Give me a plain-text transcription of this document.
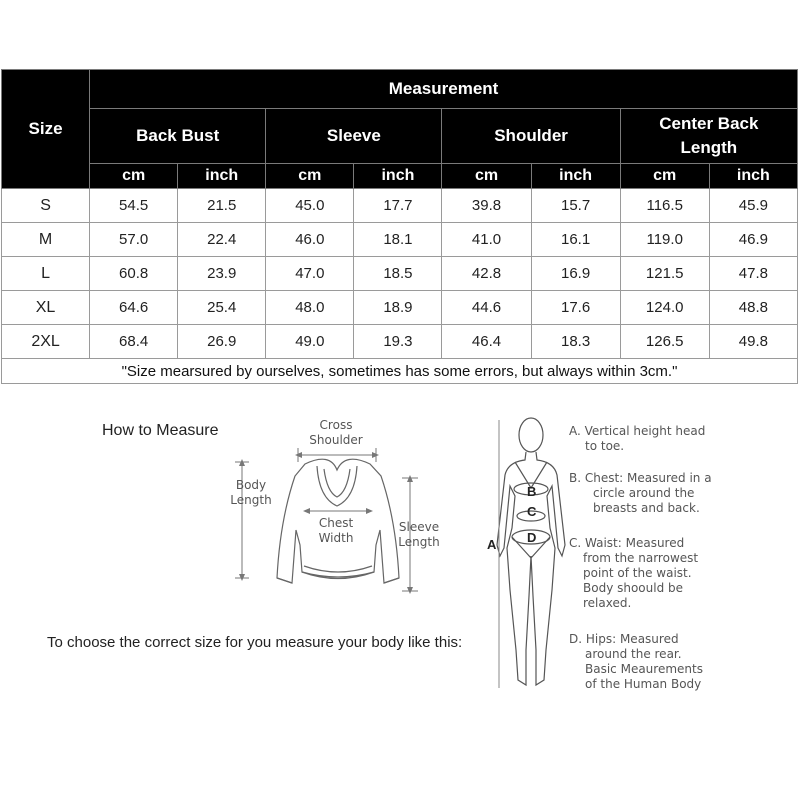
Size	Measurement							
	Back Bust		Sleeve		Shoulder		Center Back Length	
	cm	inch	cm	inch	cm	inch	cm	inch
S	54.5	21.5	45.0	17.7	39.8	15.7	116.5	45.9
M	57.0	22.4	46.0	18.1	41.0	16.1	119.0	46.9
L	60.8	23.9	47.0	18.5	42.8	16.9	121.5	47.8
XL	64.6	25.4	48.0	18.9	44.6	17.6	124.0	48.8
2XL	68.4	26.9	49.0	19.3	46.4	18.3	126.5	49.8
"Size mearsured by ourselves, sometimes has some errors, but always within 3cm."								
A
B
C
D
How to Measure	Cross
Shoulder
Body
Length
Chest
Width
Sleeve
Length
To choose the correct size for you measure your body like this:
A. Vertical height head
to toe.
B. Chest: Measured in a
circle around the
breasts and back.
C. Waist: Measured
from the narrowest
point of the waist.
Body shoould be
relaxed.
D. Hips: Measured
around the rear.
Basic Meaurements
of the Human Body
